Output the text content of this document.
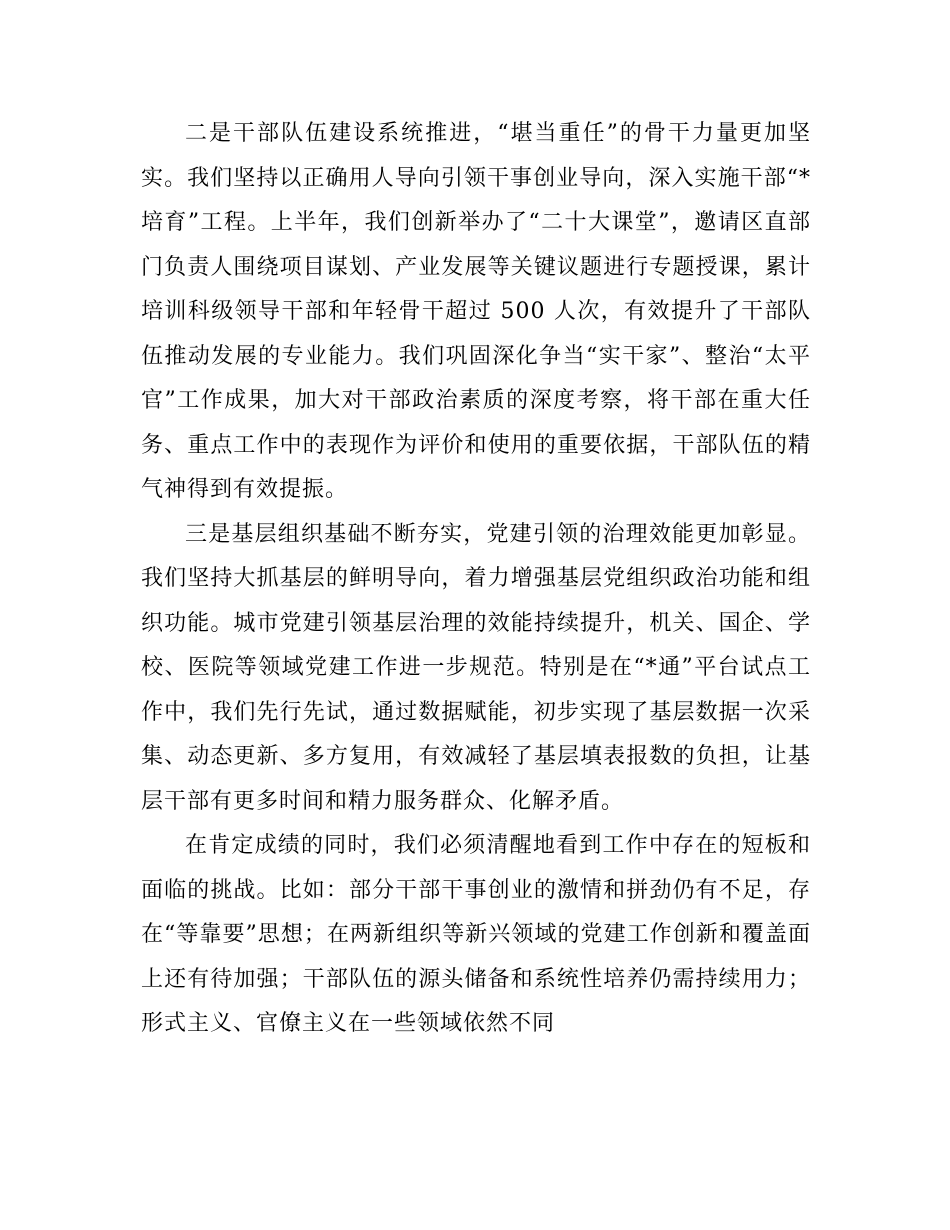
二是干部队伍建设系统推进，“堪当重任”的骨干力量更加坚实。我们坚持以正确用人导向引领干事创业导向，深入实施干部“*培育”工程。上半年，我们创新举办了“二十大课堂”，邀请区直部门负责人围绕项目谋划、产业发展等关键议题进行专题授课，累计培训科级领导干部和年轻骨干超过 500 人次，有效提升了干部队伍推动发展的专业能力。我们巩固深化争当“实干家”、整治“太平官”工作成果，加大对干部政治素质的深度考察，将干部在重大任务、重点工作中的表现作为评价和使用的重要依据，干部队伍的精气神得到有效提振。

三是基层组织基础不断夯实，党建引领的治理效能更加彰显。我们坚持大抓基层的鲜明导向，着力增强基层党组织政治功能和组织功能。城市党建引领基层治理的效能持续提升，机关、国企、学校、医院等领域党建工作进一步规范。特别是在“*通”平台试点工作中，我们先行先试，通过数据赋能，初步实现了基层数据一次采集、动态更新、多方复用，有效减轻了基层填表报数的负担，让基层干部有更多时间和精力服务群众、化解矛盾。

在肯定成绩的同时，我们必须清醒地看到工作中存在的短板和面临的挑战。比如：部分干部干事创业的激情和拼劲仍有不足，存在“等靠要”思想；在两新组织等新兴领域的党建工作创新和覆盖面上还有待加强；干部队伍的源头储备和系统性培养仍需持续用力；形式主义、官僚主义在一些领域依然不同
